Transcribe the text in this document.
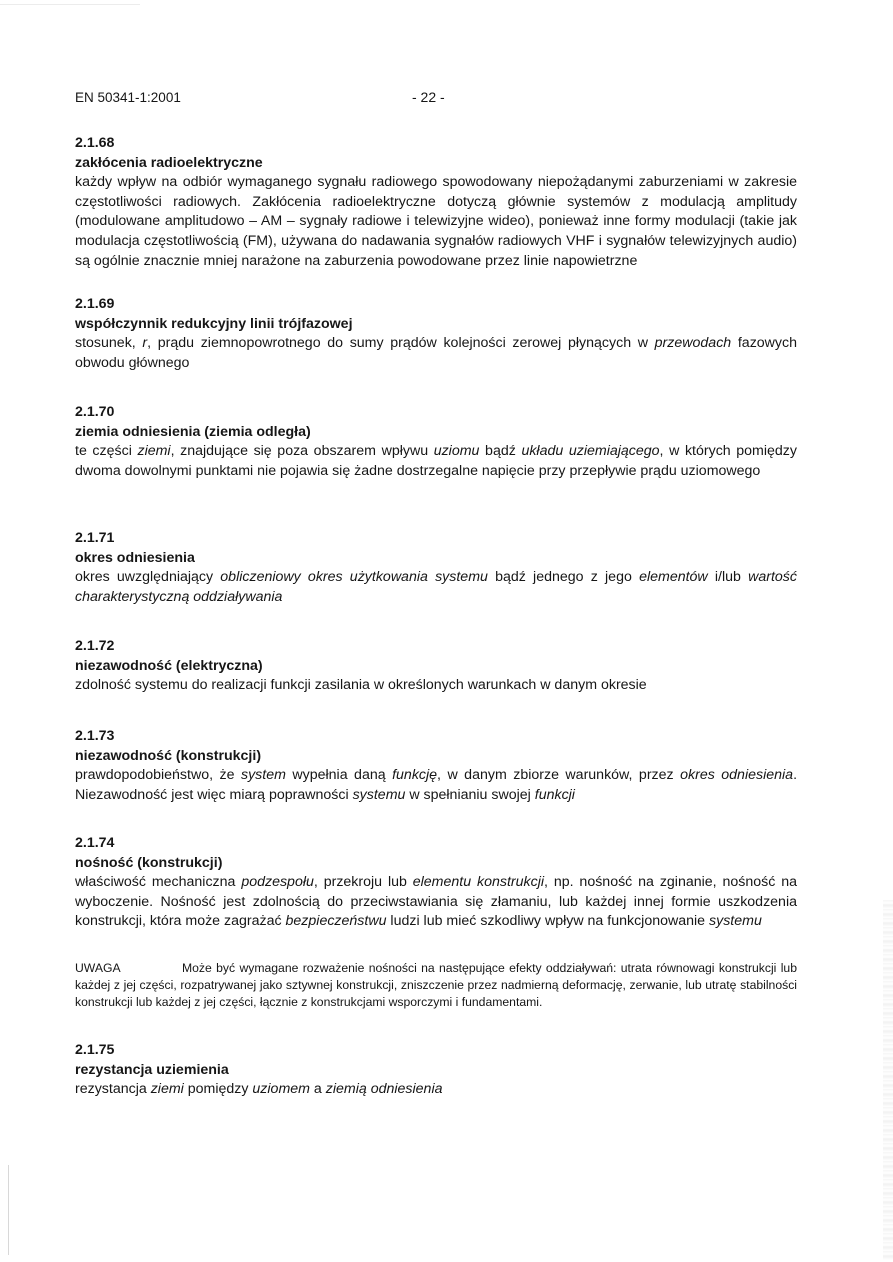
EN 50341-1:2001	- 22 -
2.1.68
zakłócenia radioelektryczne
każdy wpływ na odbiór wymaganego sygnału radiowego spowodowany niepożądanymi zaburzeniami w zakresie częstotliwości radiowych. Zakłócenia radioelektryczne dotyczą głównie systemów z modulacją amplitudy (modulowane amplitudowo – AM – sygnały radiowe i telewizyjne wideo), ponieważ inne formy modulacji (takie jak modulacja częstotliwością (FM), używana do nadawania sygnałów radiowych VHF i sygnałów telewizyjnych audio) są ogólnie znacznie mniej narażone na zaburzenia powodowane przez linie napowietrzne
2.1.69
współczynnik redukcyjny linii trójfazowej
stosunek, r, prądu ziemnopowrotnego do sumy prądów kolejności zerowej płynących w przewodach fazowych obwodu głównego
2.1.70
ziemia odniesienia (ziemia odległa)
te części ziemi, znajdujące się poza obszarem wpływu uziomu bądź układu uziemiającego, w których pomiędzy dwoma dowolnymi punktami nie pojawia się żadne dostrzegalne napięcie przy przepływie prądu uziomowego
2.1.71
okres odniesienia
okres uwzględniający obliczeniowy okres użytkowania systemu bądź jednego z jego elementów i/lub wartość charakterystyczną oddziaływania
2.1.72
niezawodność (elektryczna)
zdolność systemu do realizacji funkcji zasilania w określonych warunkach w danym okresie
2.1.73
niezawodność (konstrukcji)
prawdopodobieństwo, że system wypełnia daną funkcję, w danym zbiorze warunków, przez okres odniesienia. Niezawodność jest więc miarą poprawności systemu w spełnianiu swojej funkcji
2.1.74
nośność (konstrukcji)
właściwość mechaniczna podzespołu, przekroju lub elementu konstrukcji, np. nośność na zginanie, nośność na wyboczenie. Nośność jest zdolnością do przeciwstawiania się złamaniu, lub każdej innej formie uszkodzenia konstrukcji, która może zagrażać bezpieczeństwu ludzi lub mieć szkodliwy wpływ na funkcjonowanie systemu
UWAGA	Może być wymagane rozważenie nośności na następujące efekty oddziaływań: utrata równowagi konstrukcji lub każdej z jej części, rozpatrywanej jako sztywnej konstrukcji, zniszczenie przez nadmierną deformację, zerwanie, lub utratę stabilności konstrukcji lub każdej z jej części, łącznie z konstrukcjami wsporczymi i fundamentami.
2.1.75
rezystancja uziemienia
rezystancja ziemi pomiędzy uziomem a ziemią odniesienia
